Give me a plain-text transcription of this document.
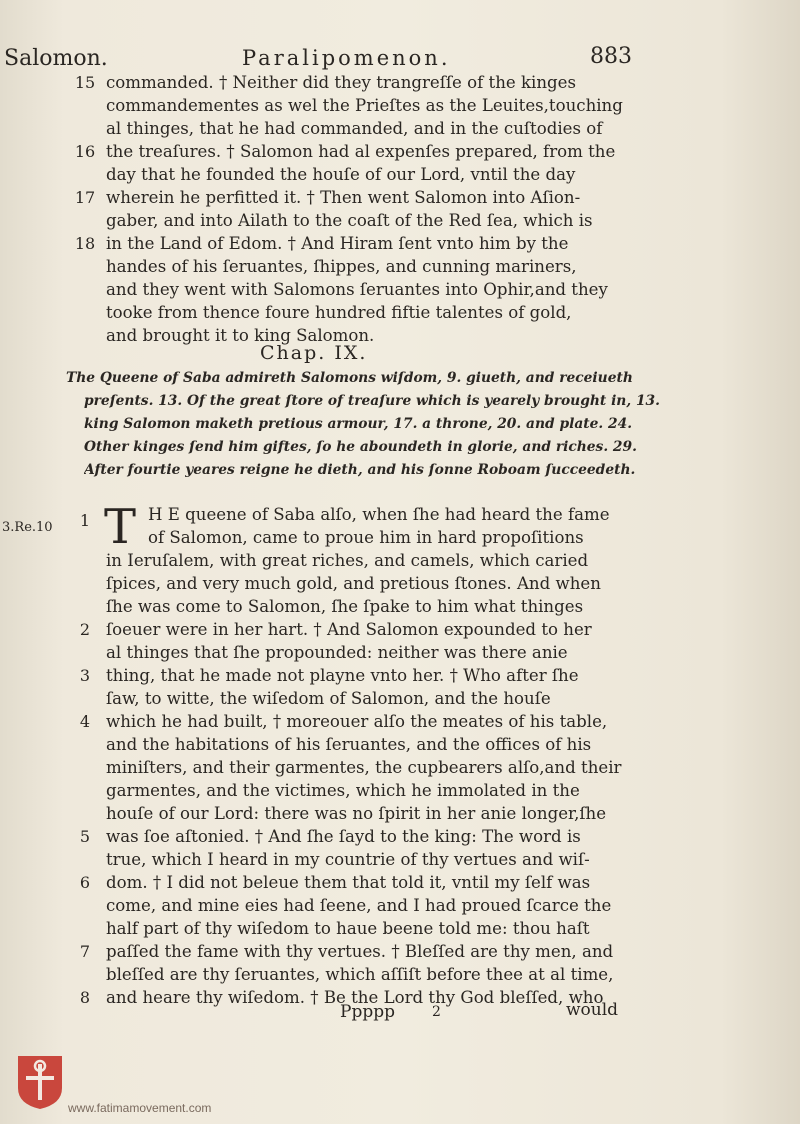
Salomon.	Paralipomenon.	883
15 commanded. † Neither did they trangreſſe of the kinges
commandementes as wel the Prieſtes as the Leuites,touching
al thinges, that he had commanded, and in the cuſtodies of
16 the treaſures. † Salomon had al expenſes prepared, from the
day that he founded the houſe of our Lord, vntil the day
17 wherein he perfitted it. † Then went Salomon into Aſion-
gaber, and into Ailath to the coaſt of the Red ſea, which is
18 in the Land of Edom. † And Hiram ſent vnto him by the
handes of his ſeruantes, ſhippes, and cunning mariners,
and they went with Salomons ſeruantes into Ophir,and they
tooke from thence foure hundred fiftie talentes of gold,
and brought it to king Salomon.
Chap. IX.
The Queene of Saba admireth Salomons wiſdom, 9. giueth, and receiueth
preſents. 13. Of the great ſtore of treaſure which is yearely brought in, 13.
king Salomon maketh pretious armour, 17. a throne, 20. and plate. 24.
Other kinges ſend him giftes, ſo he aboundeth in glorie, and riches. 29.
After fourtie yeares reigne he dieth, and his ſonne Roboam ſucceedeth.
3.Re.10	1 T H E queene of Saba alſo, when ſhe had heard the fame
of Salomon, came to proue him in hard propoſitions
in Ieruſalem, with great riches, and camels, which caried
ſpices, and very much gold, and pretious ſtones. And when
ſhe was come to Salomon, ſhe ſpake to him what thinges
2 ſoeuer were in her hart. † And Salomon expounded to her
al thinges that ſhe propounded: neither was there anie
3 thing, that he made not playne vnto her. † Who after ſhe
ſaw, to witte, the wiſedom of Salomon, and the houſe
4 which he had built, † moreouer alſo the meates of his table,
and the habitations of his ſeruantes, and the offices of his
miniſters, and their garmentes, the cupbearers alſo,and their
garmentes, and the victimes, which he immolated in the
houſe of our Lord: there was no ſpirit in her anie longer,ſhe
5 was ſoe aſtonied. † And ſhe ſayd to the king: The word is
true, which I heard in my countrie of thy vertues and wiſ-
6 dom. † I did not beleue them that told it, vntil my ſelf was
come, and mine eies had ſeene, and I had proued ſcarce the
half part of thy wiſedom to haue beene told me: thou haſt
7 paſſed the fame with thy vertues. † Bleſſed are thy men, and
bleſſed are thy ſeruantes, which aſſiſt before thee at al time,
8 and heare thy wiſedom. † Be the Lord thy God bleſſed, who
Ppppp	2	would
www.fatimamovement.com
